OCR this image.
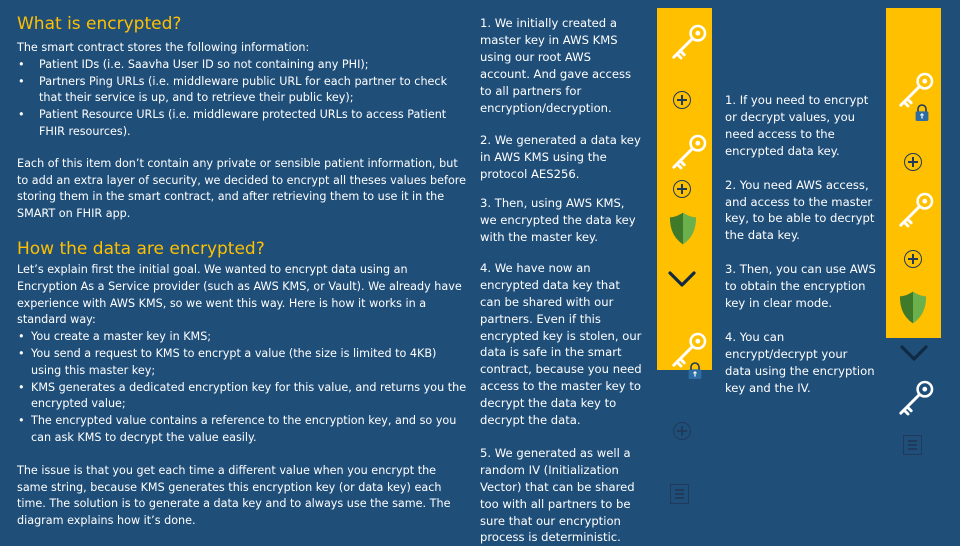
What is encrypted?

The smart contract stores the following information:

• Patient IDs (i.e. Saavha User ID so not containing any PHI);
• Partners Ping URLs (i.e. middleware public URL for each partner to check that their service is up, and to retrieve their public key);
• Patient Resource URLs (i.e. middleware protected URLs to access Patient FHIR resources).

Each of this item don’t contain any private or sensible patient information, but to add an extra layer of security, we decided to encrypt all theses values before storing them in the smart contract, and after retrieving them to use it in the SMART on FHIR app.

How the data are encrypted?

Let’s explain first the initial goal. We wanted to encrypt data using an Encryption As a Service provider (such as AWS KMS, or Vault). We already have experience with AWS KMS, so we went this way. Here is how it works in a standard way:

• You create a master key in KMS;
• You send a request to KMS to encrypt a value (the size is limited to 4KB) using this master key;
• KMS generates a dedicated encryption key for this value, and returns you the encrypted value;
• The encrypted value contains a reference to the encryption key, and so you can ask KMS to decrypt the value easily.

The issue is that you get each time a different value when you encrypt the same string, because KMS generates this encryption key (or data key) each time. The solution is to generate a data key and to always use the same. The diagram explains how it’s done.

1. We initially created a master key in AWS KMS using our root AWS account. And gave access to all partners for encryption/decryption.

2. We generated a data key in AWS KMS using the protocol AES256.

3. Then, using AWS KMS, we encrypted the data key with the master key.

4. We have now an encrypted data key that can be shared with our partners. Even if this encrypted key is stolen, our data is safe in the smart contract, because you need access to the master key to decrypt the data key to decrypt the data.

5. We generated as well a random IV (Initialization Vector) that can be shared too with all partners to be sure that our encryption process is deterministic.

1. If you need to encrypt or decrypt values, you need access to the encrypted data key.

2. You need AWS access, and access to the master key, to be able to decrypt the data key.

3. Then, you can use AWS to obtain the encryption key in clear mode.

4. You can encrypt/decrypt your data using the encryption key and the IV.
